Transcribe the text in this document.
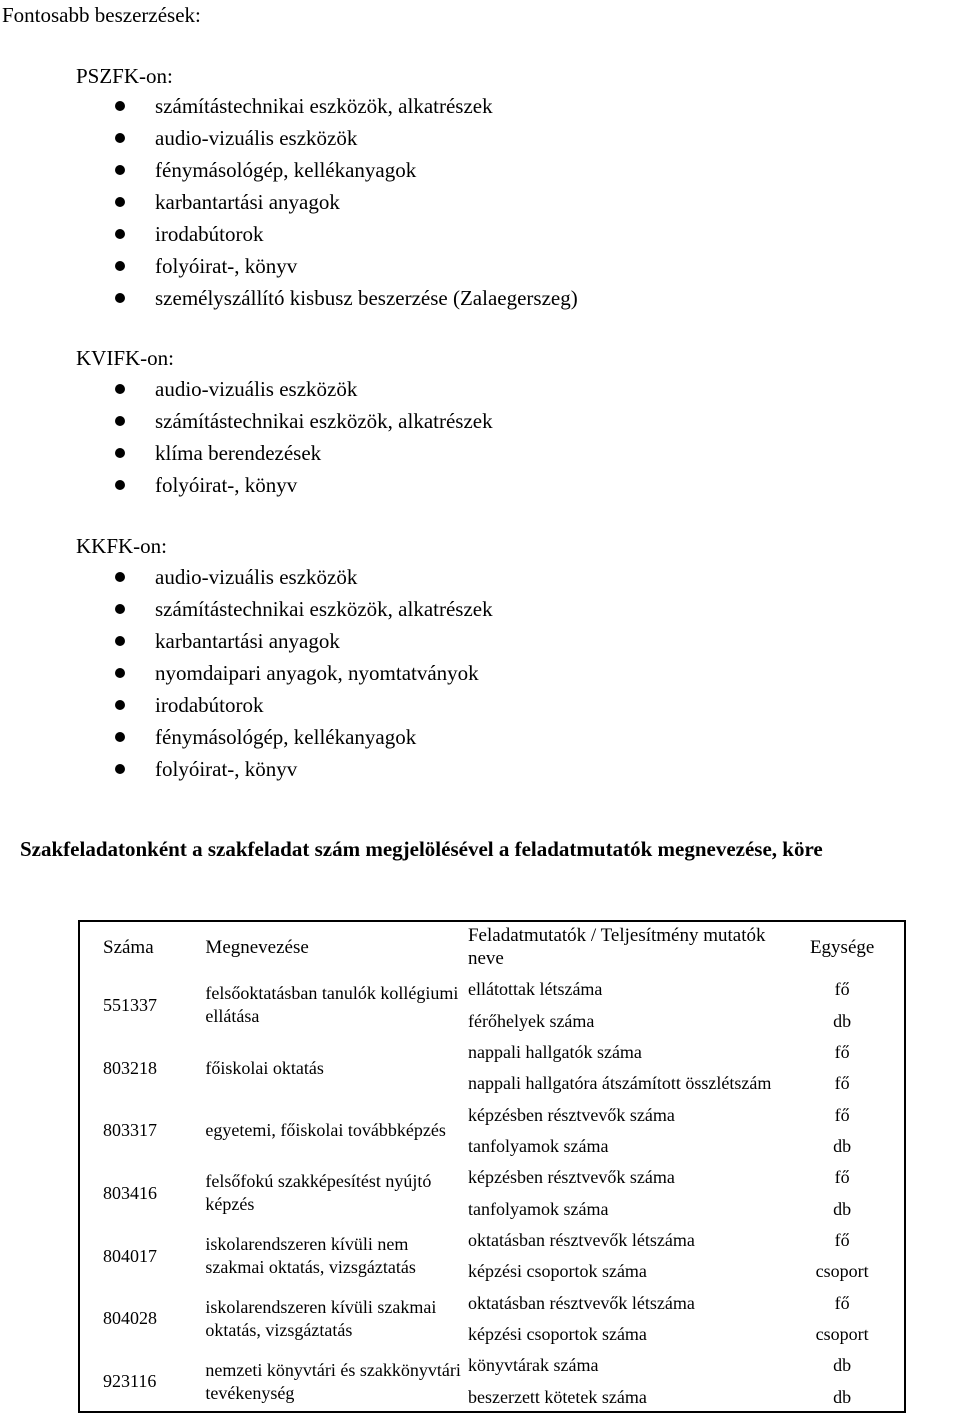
Fontosabb beszerzések:

PSZFK-on:

számítástechnikai eszközök, alkatrészek
audio-vizuális eszközök
fénymásológép, kellékanyagok
karbantartási anyagok
irodabútorok
folyóirat-, könyv
személyszállító kisbusz beszerzése (Zalaegerszeg)

KVIFK-on:

audio-vizuális eszközök
számítástechnikai eszközök, alkatrészek
klíma berendezések
folyóirat-, könyv

KKFK-on:

audio-vizuális eszközök
számítástechnikai eszközök, alkatrészek
karbantartási anyagok
nyomdaipari anyagok, nyomtatványok
irodabútorok
fénymásológép, kellékanyagok
folyóirat-, könyv
Szakfeladatonként a szakfeladat szám megjelölésével a feladatmutatók megnevezése, köre
Száma	Megnevezése	Feladatmutatók / Teljesítmény mutatók neve	Egysége
551337	felsőoktatásban tanulók kollégiumi ellátása	ellátottak létszáma	fő
		férőhelyek száma	db
803218	főiskolai oktatás	nappali hallgatók száma	fő
		nappali hallgatóra átszámított összlétszám	fő
803317	egyetemi, főiskolai továbbképzés	képzésben résztvevők száma	fő
		tanfolyamok száma	db
803416	felsőfokú szakképesítést nyújtó képzés	képzésben résztvevők száma	fő
		tanfolyamok száma	db
804017	iskolarendszeren kívüli nem szakmai oktatás, vizsgáztatás	oktatásban résztvevők létszáma	fő
		képzési csoportok száma	csoport
804028	iskolarendszeren kívüli szakmai oktatás, vizsgáztatás	oktatásban résztvevők létszáma	fő
		képzési csoportok száma	csoport
923116	nemzeti könyvtári és szakkönyvtári tevékenység	könyvtárak száma	db
		beszerzett kötetek száma	db
